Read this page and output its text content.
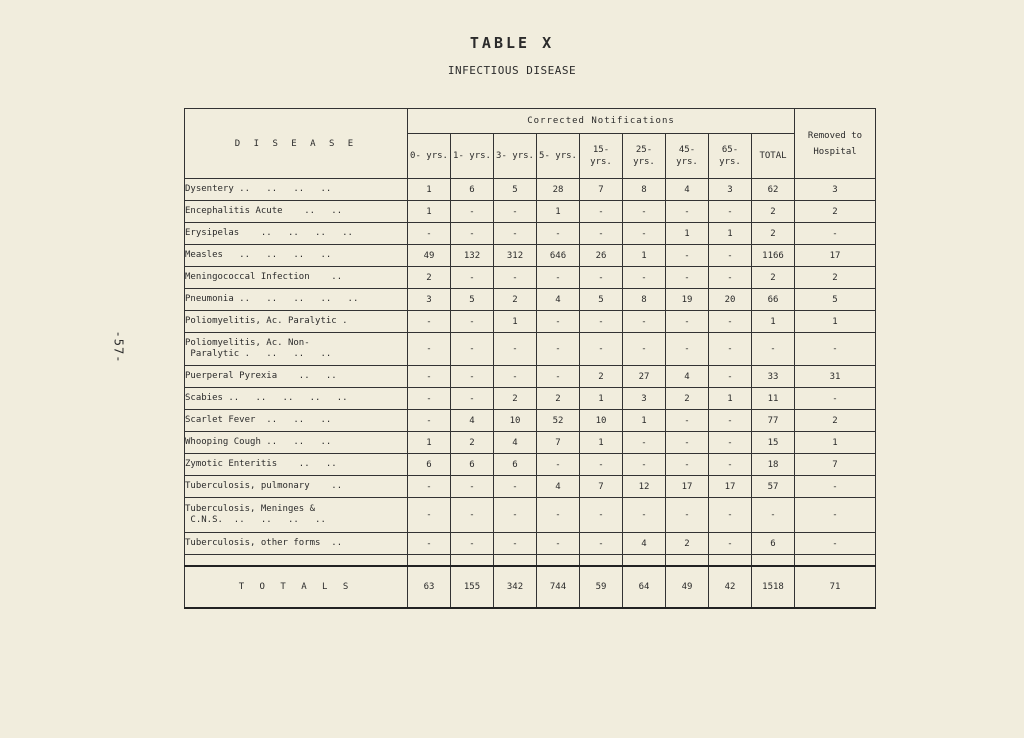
-57-
TABLE X
INFECTIOUS DISEASE
D I S E A S E	Corrected Notifications									Removed to Hospital
	0- yrs.	1- yrs.	3- yrs.	5- yrs.	15- yrs.	25- yrs.	45- yrs.	65- yrs.	TOTAL	
Dysentery ..   ..   ..   ..	1	6	5	28	7	8	4	3	62	3
Encephalitis Acute    ..   ..	1	-	-	1	-	-	-	-	2	2
Erysipelas    ..   ..   ..   ..	-	-	-	-	-	-	1	1	2	-
Measles   ..   ..   ..   ..	49	132	312	646	26	1	-	-	1166	17
Meningococcal Infection    ..	2	-	-	-	-	-	-	-	2	2
Pneumonia ..   ..   ..   ..   ..	3	5	2	4	5	8	19	20	66	5
Poliomyelitis, Ac. Paralytic .	-	-	1	-	-	-	-	-	1	1
Poliomyelitis, Ac. Non-
Paralytic .   ..   ..   ..	-	-	-	-	-	-	-	-	-	-
Puerperal Pyrexia    ..   ..	-	-	-	-	2	27	4	-	33	31
Scabies ..   ..   ..   ..   ..	-	-	2	2	1	3	2	1	11	-
Scarlet Fever  ..   ..   ..	-	4	10	52	10	1	-	-	77	2
Whooping Cough ..   ..   ..	1	2	4	7	1	-	-	-	15	1
Zymotic Enteritis    ..   ..	6	6	6	-	-	-	-	-	18	7
Tuberculosis, pulmonary    ..	-	-	-	4	7	12	17	17	57	-
Tuberculosis, Meninges &
C.N.S.  ..   ..   ..   ..	-	-	-	-	-	-	-	-	-	-
Tuberculosis, other forms  ..	-	-	-	-	-	4	2	-	6	-

T O T A L S	63	155	342	744	59	64	49	42	1518	71
